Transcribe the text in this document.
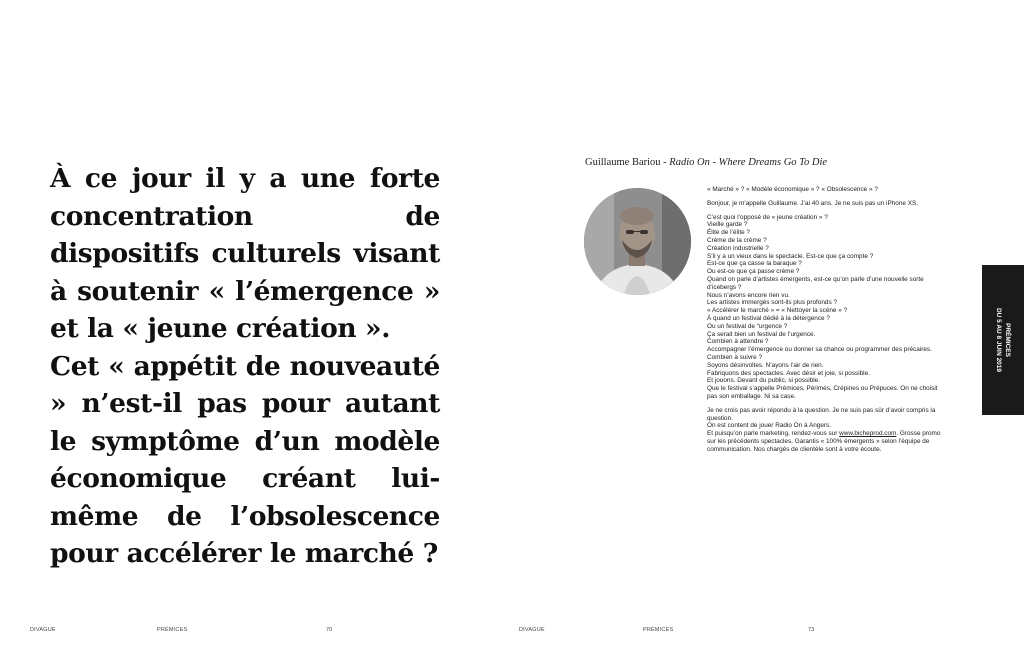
À ce jour il y a une forte concentration de dispositifs culturels visant à soutenir « l’émergence » et la « jeune création ».

Cet « appétit de nouveauté » n’est-il pas pour autant le symptôme d’un modèle économique créant lui-même de l’obsolescence pour accélérer le marché ?

DIVAGUE	PRÉMICES	70
Guillaume Bariou - Radio On - Where Dreams Go To Die
« Marché » ? « Modèle économique » ? « Obsolescence » ?
Bonjour, je m’appelle Guillaume. J’ai 40 ans. Je ne suis pas un iPhone XS.
C’est quoi l’opposé de « jeune création » ?
Vieille garde ?
Élite de l’élite ?
Crème de la crème ?
Création industrielle ?
S’il y a un vieux dans le spectacle. Est-ce que ça compte ?
Est-ce que ça casse la baraque ?
Ou est-ce que ça passe crème ?
Quand on parle d’artistes émergents, est-ce qu’on parle d’une nouvelle sorte
d’icebergs ?
Nous n’avons encore rien vu.
Les artistes immergés sont-ils plus profonds ?
« Accélérer le marché » = « Nettoyer la scène » ?
À quand un festival dédié à la détergence ?
Ou un festival de “urgence ?
Ça serait bien un festival de l’urgence.
Combien à attendre ?
Accompagner l’émergence ou donner sa chance ou programmer des précaires.
Combien à suivre ?
Soyons désinvoltes. N’ayons l’air de rien.
Fabriquons des spectacles. Avec désir et joie, si possible.
Et jouons. Devant du public, si possible.
Que le festival s’appelle Prémices, Périmés, Crépines ou Prépuces. On ne choisit
pas son emballage. Ni sa case.
Je ne crois pas avoir répondu à la question. Je ne suis pas sûr d’avoir compris la
question.
On est content de jouer Radio On à Angers.
Et puisqu’on parle marketing, rendez-vous sur www.bicheprod.com. Grosse promo
sur les précédents spectacles. Garantis « 100% émergents » selon l’équipe de
communication. Nos chargés de clientèle sont à votre écoute.
DIVAGUE	PRÉMICES	73
PRÉMICES
DU 5 AU 8 JUIN 2019
